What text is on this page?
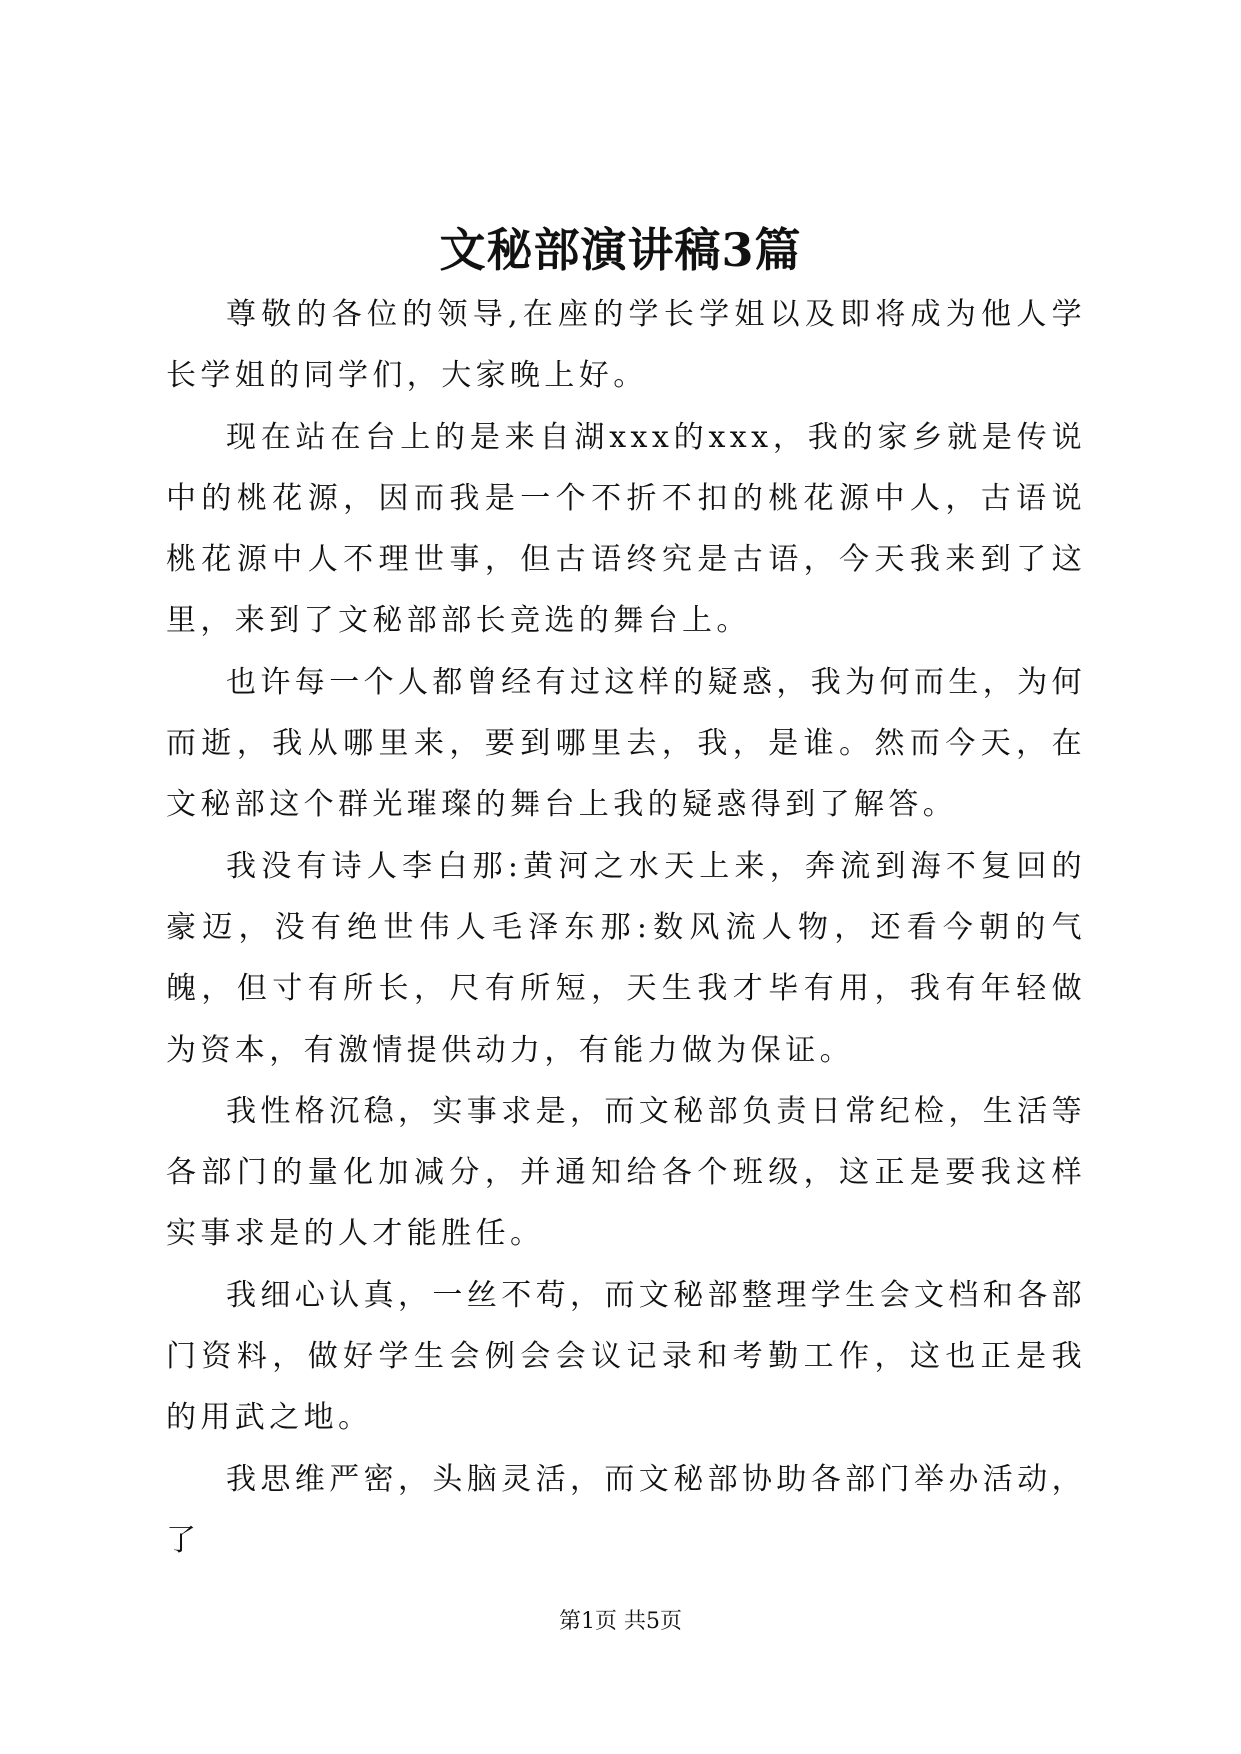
文秘部演讲稿3篇

尊敬的各位的领导,在座的学长学姐以及即将成为他人学长学姐的同学们，大家晚上好。

现在站在台上的是来自湖xxx的xxx，我的家乡就是传说中的桃花源，因而我是一个不折不扣的桃花源中人，古语说桃花源中人不理世事，但古语终究是古语，今天我来到了这里，来到了文秘部部长竞选的舞台上。

也许每一个人都曾经有过这样的疑惑，我为何而生，为何而逝，我从哪里来，要到哪里去，我，是谁。然而今天，在文秘部这个群光璀璨的舞台上我的疑惑得到了解答。

我没有诗人李白那:黄河之水天上来，奔流到海不复回的豪迈，没有绝世伟人毛泽东那:数风流人物，还看今朝的气魄，但寸有所长，尺有所短，天生我才毕有用，我有年轻做为资本，有激情提供动力，有能力做为保证。

我性格沉稳，实事求是，而文秘部负责日常纪检，生活等各部门的量化加减分，并通知给各个班级，这正是要我这样实事求是的人才能胜任。

我细心认真，一丝不苟，而文秘部整理学生会文档和各部门资料，做好学生会例会会议记录和考勤工作，这也正是我的用武之地。

我思维严密，头脑灵活，而文秘部协助各部门举办活动，了

第1页 共5页
